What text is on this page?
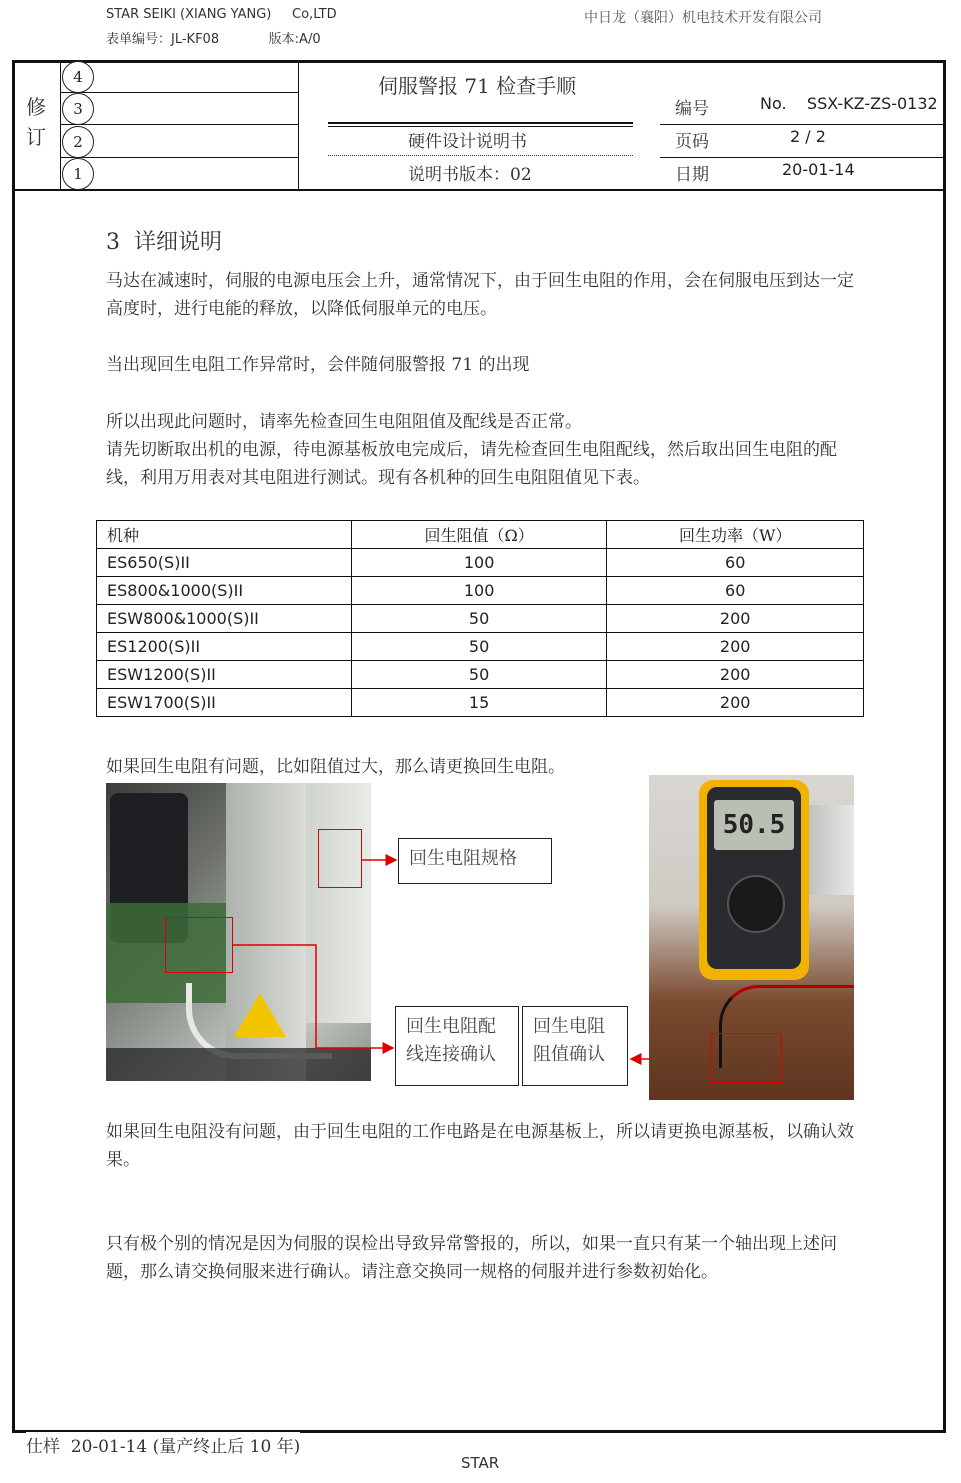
STAR SEIKI (XIANG YANG)     Co,LTD
表单编号：JL-KF08            版本:A/0
中日龙（襄阳）机电技术开发有限公司
修
订
4
3
2
1
伺服警报 71 检查手顺
硬件设计说明书
说明书版本：02
编号	No.    SSX-KZ-ZS-0132
页码	2 / 2
日期	20-01-14
3  详细说明
马达在减速时，伺服的电源电压会上升，通常情况下，由于回生电阻的作用，会在伺服电压到达一定高度时，进行电能的释放，以降低伺服单元的电压。
当出现回生电阻工作异常时，会伴随伺服警报 71 的出现
所以出现此问题时，请率先检查回生电阻阻值及配线是否正常。
请先切断取出机的电源，待电源基板放电完成后，请先检查回生电阻配线，然后取出回生电阻的配线，利用万用表对其电阻进行测试。现有各机种的回生电阻阻值见下表。
机种	回生阻值（Ω）	回生功率（W）
ES650(S)II	100	60
ES800&1000(S)II	100	60
ESW800&1000(S)II	50	200
ES1200(S)II	50	200
ESW1200(S)II	50	200
ESW1700(S)II	15	200
如果回生电阻有问题，比如阻值过大，那么请更换回生电阻。
回生电阻规格
回生电阻配线连接确认
回生电阻阻值确认
50.5
如果回生电阻没有问题，由于回生电阻的工作电路是在电源基板上，所以请更换电源基板，以确认效果。
只有极个别的情况是因为伺服的误检出导致异常警报的，所以，如果一直只有某一个轴出现上述问题，那么请交换伺服来进行确认。请注意交换同一规格的伺服并进行参数初始化。
仕样  20-01-14 (量产终止后 10 年)
STAR
